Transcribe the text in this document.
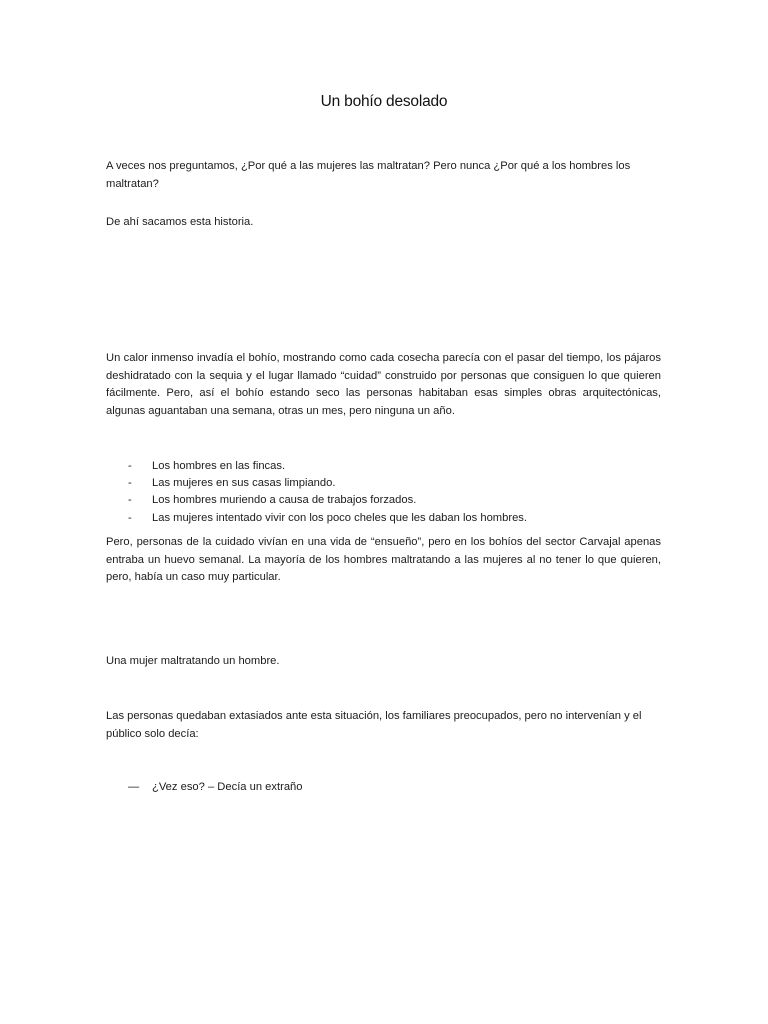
Un bohío desolado
A veces nos preguntamos, ¿Por qué a las mujeres las maltratan? Pero nunca ¿Por qué a los hombres los maltratan?
De ahí sacamos esta historia.
Un calor inmenso invadía el bohío, mostrando como cada cosecha parecía con el pasar del tiempo, los pájaros deshidratado con la sequia y el lugar llamado “cuidad” construido por personas que consiguen lo que quieren fácilmente. Pero, así el bohío estando seco las personas habitaban esas simples obras arquitectónicas, algunas aguantaban una semana, otras un mes, pero ninguna un año.
- Los hombres en las fincas.
- Las mujeres en sus casas limpiando.
- Los hombres muriendo a causa de trabajos forzados.
- Las mujeres intentado vivir con los poco cheles que les daban los hombres.
Pero, personas de la cuidado vivían en una vida de “ensueño”, pero en los bohíos del sector Carvajal apenas entraba un huevo semanal. La mayoría de los hombres maltratando a las mujeres al no tener lo que quieren, pero, había un caso muy particular.
Una mujer maltratando un hombre.
Las personas quedaban extasiados ante esta situación, los familiares preocupados, pero no intervenían y el público solo decía:
— ¿Vez eso? – Decía un extraño
